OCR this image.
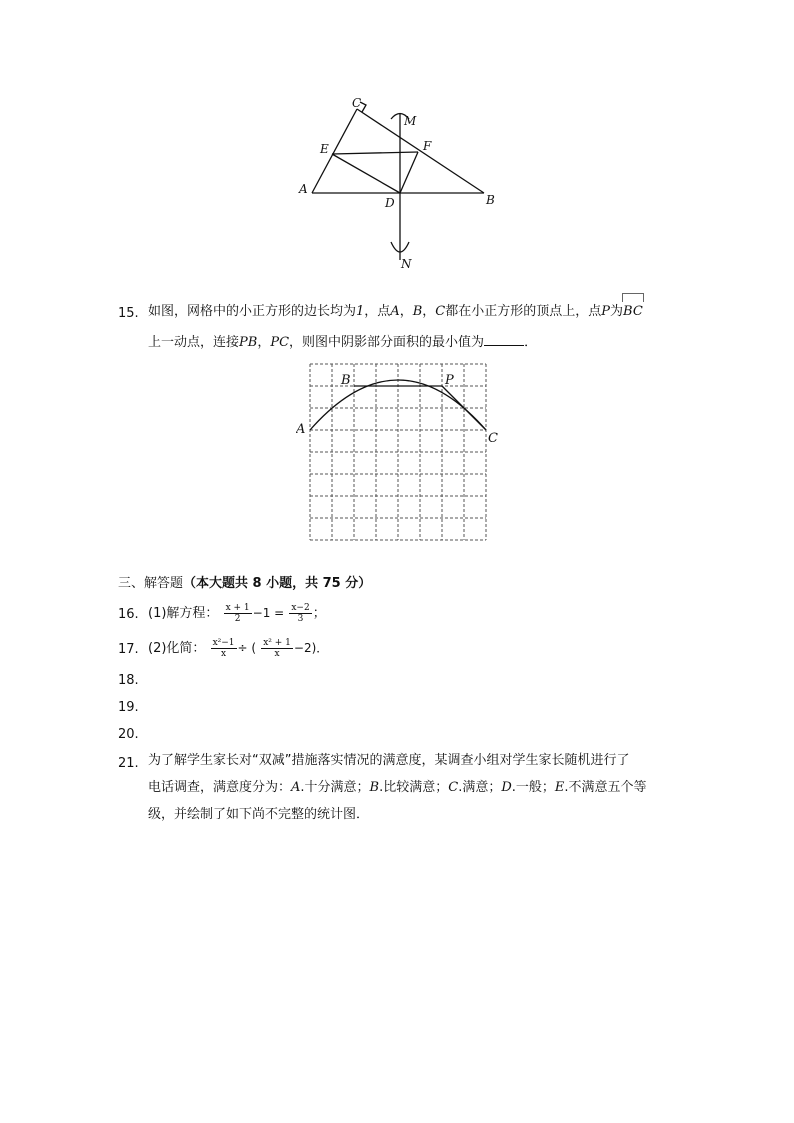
C
M
E	F
A
D	B
N
15. 如图，网格中的小正方形的边长均为1，点A，B，C都在小正方形的顶点上，点P为BC
上一动点，连接PB，PC，则图中阴影部分面积的最小值为	．
A
B	P
C
三、解答题（本大题共 8 小题，共 75 分）
16. (1)解方程： $\frac{x + 1}{2} -1 = \frac{x-2}{3}$ ；
17. (2)化简： $\frac{\text{x²−1}}{x}$ ÷ ( $\frac{\text{x² + 1}}{x} -2$)．
18.
19.
20.
21. 为了解学生家长对“双减”措施落实情况的满意度，某调查小组对学生家长随机进行了
电话调查，满意度分为：A.十分满意；B.比较满意；C.满意；D.一般；E.不满意五个等
级，并绘制了如下尚不完整的统计图．
